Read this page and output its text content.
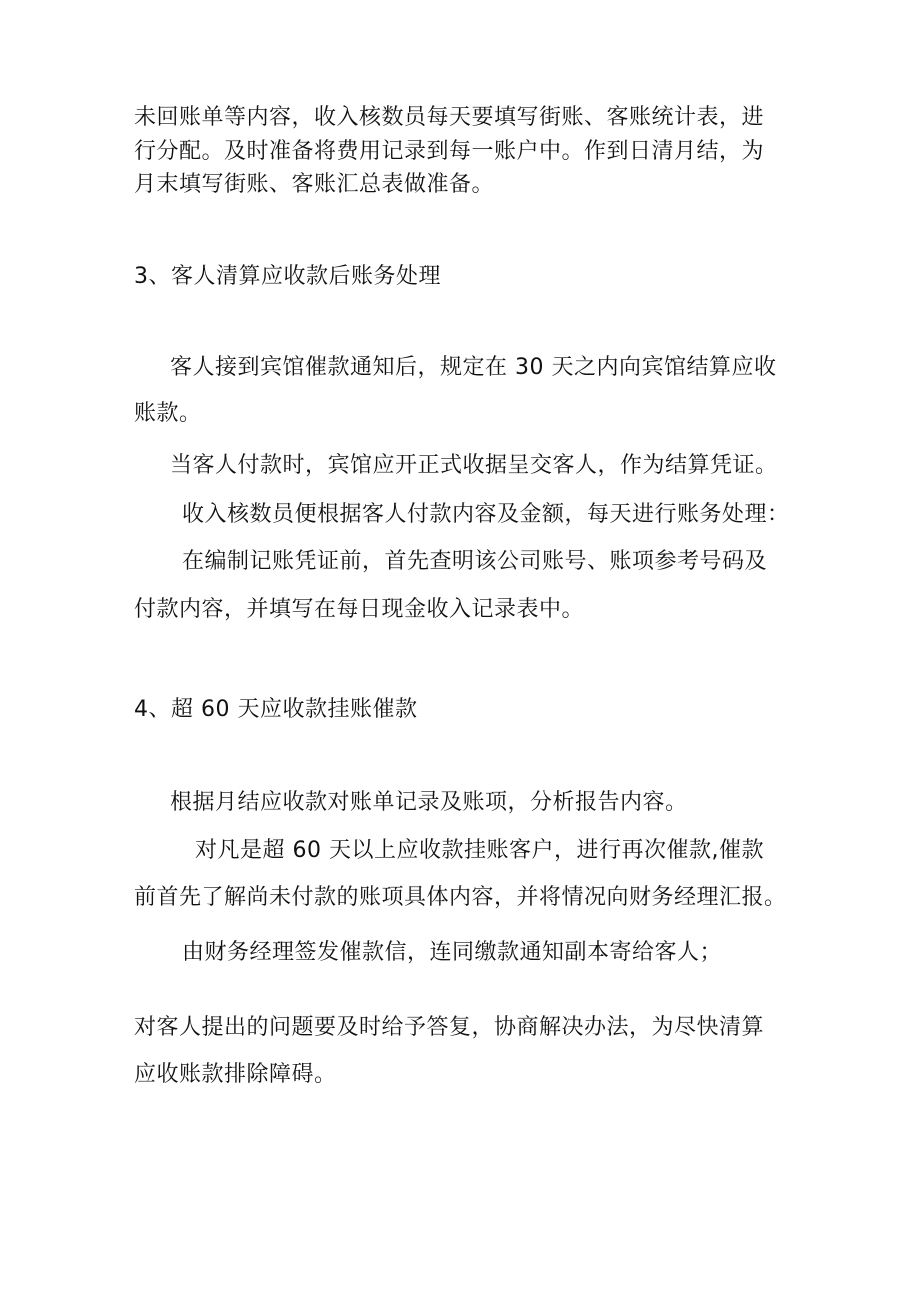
未回账单等内容，收入核数员每天要填写街账、客账统计表，进
行分配。及时准备将费用记录到每一账户中。作到日清月结，为
月末填写街账、客账汇总表做准备。
3、客人清算应收款后账务处理
客人接到宾馆催款通知后，规定在 30 天之内向宾馆结算应收
账款。
当客人付款时，宾馆应开正式收据呈交客人，作为结算凭证。
收入核数员便根据客人付款内容及金额，每天进行账务处理：
在编制记账凭证前，首先查明该公司账号、账项参考号码及
付款内容，并填写在每日现金收入记录表中。
4、超 60 天应收款挂账催款
根据月结应收款对账单记录及账项，分析报告内容。
对凡是超 60 天以上应收款挂账客户，进行再次催款,催款
前首先了解尚未付款的账项具体内容，并将情况向财务经理汇报。
由财务经理签发催款信，连同缴款通知副本寄给客人；
对客人提出的问题要及时给予答复，协商解决办法，为尽快清算
应收账款排除障碍。
